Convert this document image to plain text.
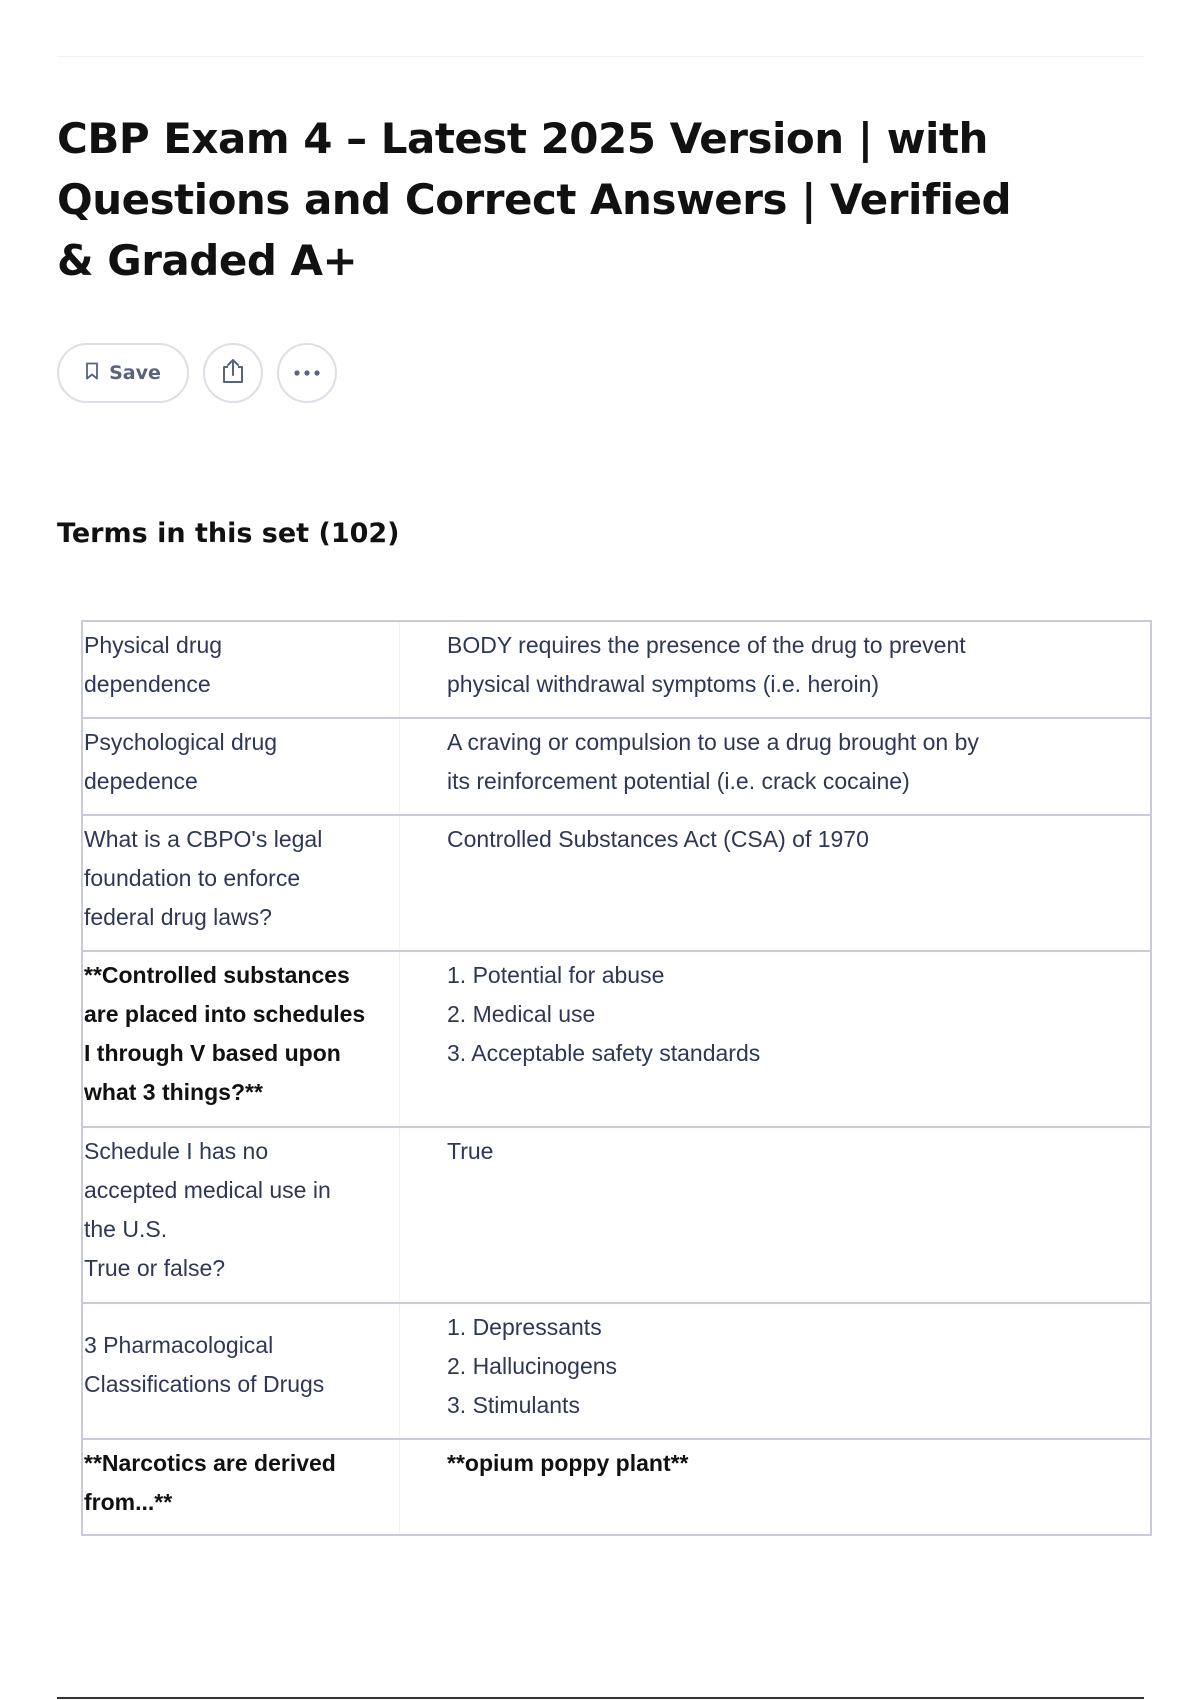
CBP Exam 4 – Latest 2025 Version | with Questions and Correct Answers | Verified & Graded A+
Save
Terms in this set (102)
Physical drug
dependence
BODY requires the presence of the drug to prevent
physical withdrawal symptoms (i.e. heroin)
Psychological drug
depedence
A craving or compulsion to use a drug brought on by
its reinforcement potential (i.e. crack cocaine)
What is a CBPO's legal
foundation to enforce
federal drug laws?
Controlled Substances Act (CSA) of 1970
**Controlled substances
are placed into schedules
I through V based upon
what 3 things?**
1. Potential for abuse
2. Medical use
3. Acceptable safety standards
Schedule I has no
accepted medical use in
the U.S.
True or false?
True
3 Pharmacological
Classifications of Drugs
1. Depressants
2. Hallucinogens
3. Stimulants
**Narcotics are derived
from...**
**opium poppy plant**
